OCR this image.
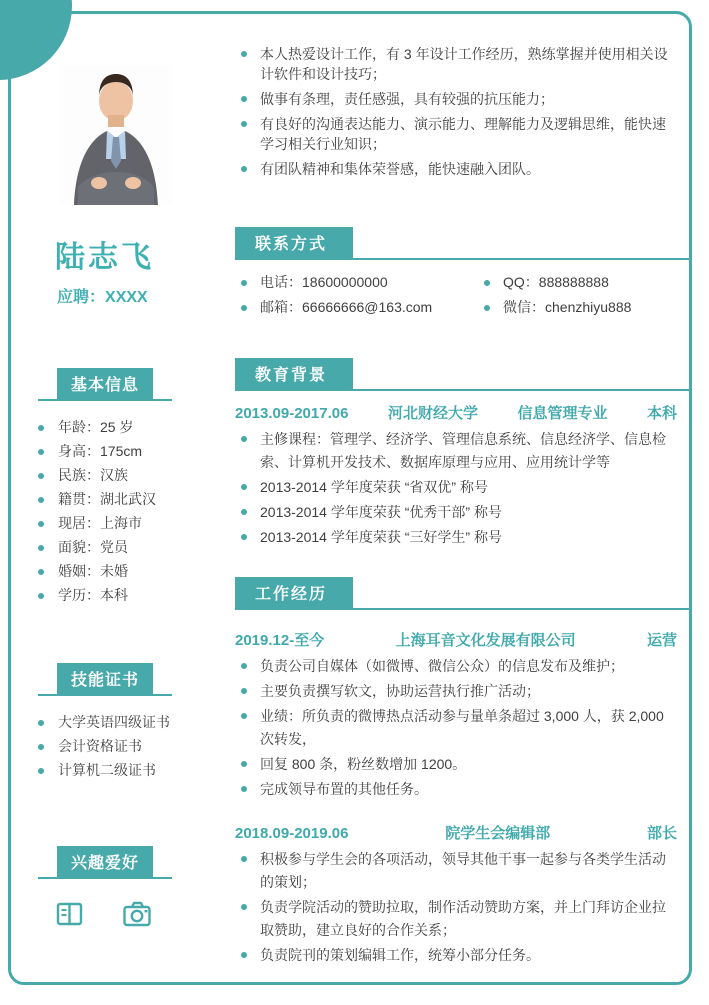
陆志飞
应聘：XXXX
基本信息
年龄：25 岁
身高：175cm
民族：汉族
籍贯：湖北武汉
现居：上海市
面貌：党员
婚姻：未婚
学历：本科
技能证书
大学英语四级证书
会计资格证书
计算机二级证书
兴趣爱好
本人热爱设计工作，有 3 年设计工作经历，熟练掌握并使用相关设计软件和设计技巧；
做事有条理，责任感强，具有较强的抗压能力；
有良好的沟通表达能力、演示能力、理解能力及逻辑思维，能快速学习相关行业知识；
有团队精神和集体荣誉感，能快速融入团队。
联系方式
电话：18600000000	QQ：888888888
邮箱：66666666@163.com	微信：chenzhiyu888
教育背景
2013.09-2017.06	河北财经大学	信息管理专业	本科
主修课程：管理学、经济学、管理信息系统、信息经济学、信息检索、计算机开发技术、数据库原理与应用、应用统计学等
2013-2014 学年度荣获 “省双优” 称号
2013-2014 学年度荣获 “优秀干部” 称号
2013-2014 学年度荣获 “三好学生” 称号
工作经历
2019.12-至今	上海耳音文化发展有限公司	运营
负责公司自媒体（如微博、微信公众）的信息发布及维护；
主要负责撰写软文，协助运营执行推广活动；
业绩：所负责的微博热点活动参与量单条超过 3,000 人，获 2,000 次转发，
回复 800 条，粉丝数增加 1200。
完成领导布置的其他任务。
2018.09-2019.06	院学生会编辑部	部长
积极参与学生会的各项活动，领导其他干事一起参与各类学生活动的策划；
负责学院活动的赞助拉取，制作活动赞助方案，并上门拜访企业拉取赞助，建立良好的合作关系；
负责院刊的策划编辑工作，统筹小部分任务。
